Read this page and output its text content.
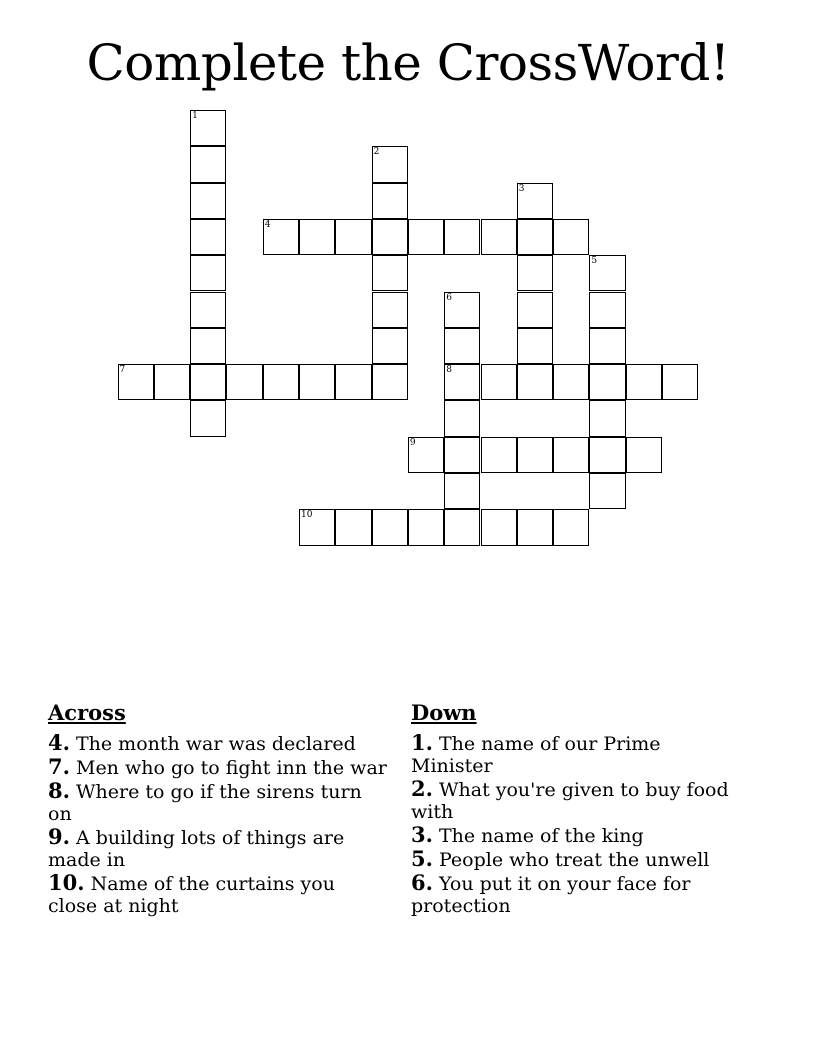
Complete the CrossWord!
1
2
3
4
5
6
8
7
9
10
Across
4. The month war was declared
7. Men who go to fight inn the war
8. Where to go if the sirens turn on
9. A building lots of things are made in
10. Name of the curtains you close at night
Down
1. The name of our Prime Minister
2. What you're given to buy food with
3. The name of the king
5. People who treat the unwell
6. You put it on your face for protection
